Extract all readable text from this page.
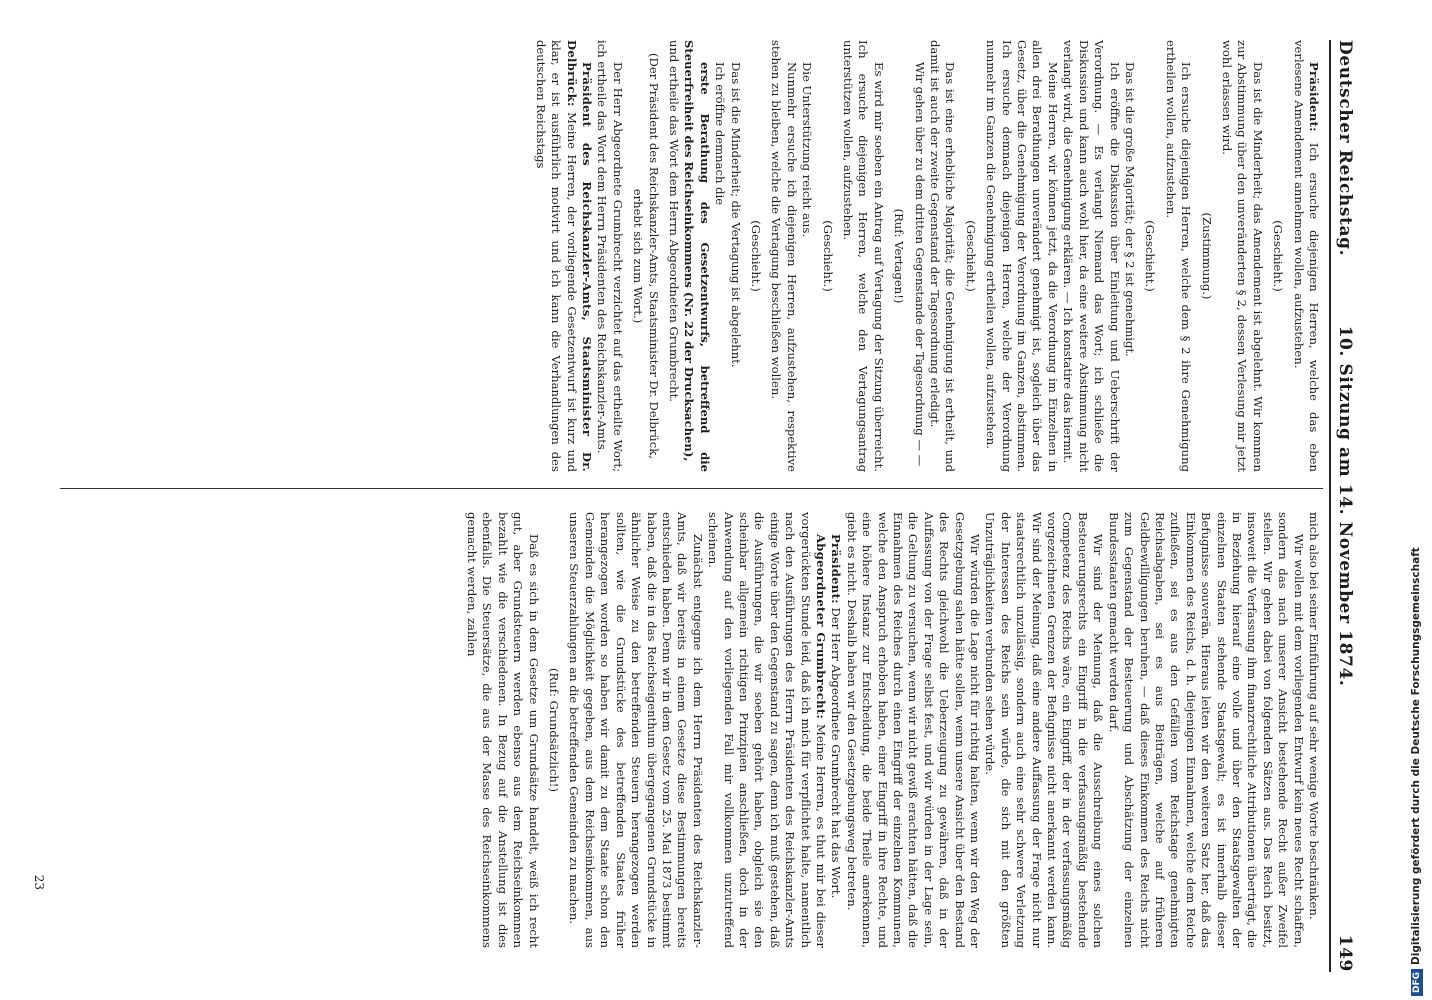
Deutscher Reichstag.
10. Sitzung am 14. November 1874.
149

Präsident: Ich ersuche diejenigen Herren, welche das eben verlesene Amendement annehmen wollen, aufzustehen.

(Geschieht.)

Das ist die Minderheit; das Amendement ist abgelehnt. Wir kommen zur Abstimmung über den unveränderten § 2, dessen Verlesung mir jetzt wohl erlassen wird.

(Zustimmung.)

Ich ersuche diejenigen Herren, welche dem § 2 ihre Genehmigung ertheilen wollen, aufzustehen.

(Geschieht.)

Das ist die große Majorität; der § 2 ist genehmigt.

Ich eröffne die Diskussion über Einleitung und Ueberschrift der Verordnung. — Es verlangt Niemand das Wort; ich schließe die Diskussion und kann auch wohl hier, da eine weitere Abstimmung nicht verlangt wird, die Genehmigung erklären. — Ich konstatire das hiermit.

Meine Herren, wir können jetzt, da die Verordnung im Einzelnen in allen drei Berathungen unverändert genehmigt ist, sogleich über das Gesetz, über die Genehmigung der Verordnung im Ganzen, abstimmen. Ich ersuche demnach diejenigen Herren, welche der Verordnung nunmehr im Ganzen die Genehmigung ertheilen wollen, aufzustehen.

(Geschieht.)

Das ist eine erhebliche Majorität; die Genehmigung ist ertheilt, und damit ist auch der zweite Gegenstand der Tagesordnung erledigt.

Wir gehen über zu dem dritten Gegenstande der Tagesordnung — —

(Ruf: Vertagen!)

Es wird mir soeben ein Antrag auf Vertagung der Sitzung überreicht. Ich ersuche diejenigen Herren, welche den Vertagungsantrag unterstützen wollen, aufzustehen.

(Geschieht.)

Die Unterstützung reicht aus.

Nunmehr ersuche ich diejenigen Herren, aufzustehen, respektive stehen zu bleiben, welche die Vertagung beschließen wollen.

(Geschieht.)

Das ist die Minderheit; die Vertagung ist abgelehnt.

Ich eröffne demnach die

erste Berathung des Gesetzentwurfs, betreffend die Steuerfreiheit des Reichseinkommens (Nr. 22 der Drucksachen),

und ertheile das Wort dem Herrn Abgeordneten Grumbrecht.

(Der Präsident des Reichskanzler-Amts, Staatsminister Dr. Delbrück, erhebt sich zum Wort.)

Der Herr Abgeordnete Grumbrecht verzichtet auf das ertheilte Wort; ich ertheile das Wort dem Herrn Präsidenten des Reichskanzler-Amts.

Präsident des Reichskanzler-Amts, Staatsminister Dr. Delbrück: Meine Herren, der vorliegende Gesetzentwurf ist kurz und klar, er ist ausführlich motivirt und ich kann die Verhandlungen des deutschen Reichstags

mich also bei seiner Einführung auf sehr wenige Worte beschränken.

Wir wollen mit dem vorliegenden Entwurf kein neues Recht schaffen, sondern das nach unserer Ansicht bestehende Recht außer Zweifel stellen. Wir gehen dabei von folgenden Sätzen aus. Das Reich besitzt, insoweit die Verfassung ihm finanzrechtliche Attributionen überträgt, die in Beziehung hierauf eine volle und über den Staatsgewalten der einzelnen Staaten stehende Staatsgewalt; es ist innerhalb dieser Befugnisse souverän. Hieraus leiten wir den weiteren Satz her, daß das Einkommen des Reichs, d. h. diejenigen Einnahmen, welche dem Reiche zufließen, sei es aus den Gefällen vom Reichstage genehmigten Reichsabgaben, sei es aus Beiträgen, welche auf früheren Geldbewilligungen beruhen, — daß dieses Einkommen des Reichs nicht zum Gegenstand der Besteuerung und Abschätzung der einzelnen Bundesstaaten gemacht werden darf.

Wir sind der Meinung, daß die Ausschreibung eines solchen Besteuerungsrechts ein Eingriff in die verfassungsmäßig bestehende Competenz des Reichs wäre, ein Eingriff, der in der verfassungsmäßig vorgezeichneten Grenzen der Befugnisse nicht anerkannt werden kann. Wir sind der Meinung, daß eine andere Auffassung der Frage nicht nur staatsrechtlich unzulässig, sondern auch eine sehr schwere Verletzung der Interessen des Reichs sein würde, die sich mit den größten Unzuträglichkeiten verbunden sehen würde.

Wir würden die Lage nicht für richtig halten, wenn wir den Weg der Gesetzgebung sahen hätte sollen, wenn unsere Ansicht über den Bestand des Rechts gleichwohl die Ueberzeugung zu gewähren, daß in der Auffassung von der Frage selbst fest, und wir würden in der Lage sein, die Geltung zu versuchen, wenn wir nicht gewiß erachten hätten, daß die Einnahmen des Reiches durch einen Eingriff der einzelnen Kommunen, welche den Anspruch erhoben haben, einer Eingriff in ihre Rechte, und eine höhere Instanz zur Entscheidung, die beide Theile anerkennen, giebt es nicht. Deshalb haben wir den Gesetzgebungsweg betreten.

Präsident: Der Herr Abgeordnete Grumbrecht hat das Wort.

Abgeordneter Grumbrecht: Meine Herren, es thut mir bei dieser vorgerückten Stunde leid, daß ich mich für verpflichtet halte, namentlich nach den Ausführungen des Herrn Präsidenten des Reichskanzler-Amts einige Worte über den Gegenstand zu sagen, denn ich muß gestehen, daß die Ausführungen, die wir soeben gehört haben, obgleich sie den scheinbar allgemein richtigen Prinzipien anschließen, doch in der Anwendung auf den vorliegenden Fall mir vollkommen unzutreffend scheinen.

Zunächst entgegne ich dem Herrn Präsidenten des Reichskanzler-Amts, daß wir bereits in einem Gesetze diese Bestimmungen bereits entschieden haben. Denn wir in dem Gesetz vom 25. Mai 1873 bestimmt haben, daß die in das Reichseigenthum übergegangenen Grundstücke in ähnlicher Weise zu den betreffenden Steuern herangezogen werden sollten, wie die Grundstücke des betreffenden Staates früher herangezogen worden so haben wir damit zu dem Staate schon den Gemeinden die Möglichkeit gegeben, aus dem Reichseinkommen, aus unseren Steuerzahlungen an die betreffenden Gemeinden zu machen.

(Ruf: Grundsätzlich!)

Daß es sich in dem Gesetze um Grundsätze handelt, weiß ich recht gut, aber Grundsteuern werden ebenso aus dem Reichseinkommen bezahlt wie die verschiedenen. In Bezug auf die Anstellung ist dies ebenfalls. Die Steuersätze, die aus der Masse des Reichseinkommens gemacht werden, zahlen

23
DFGDigitalisierung gefördert durch die Deutsche Forschungsgemeinschaft
